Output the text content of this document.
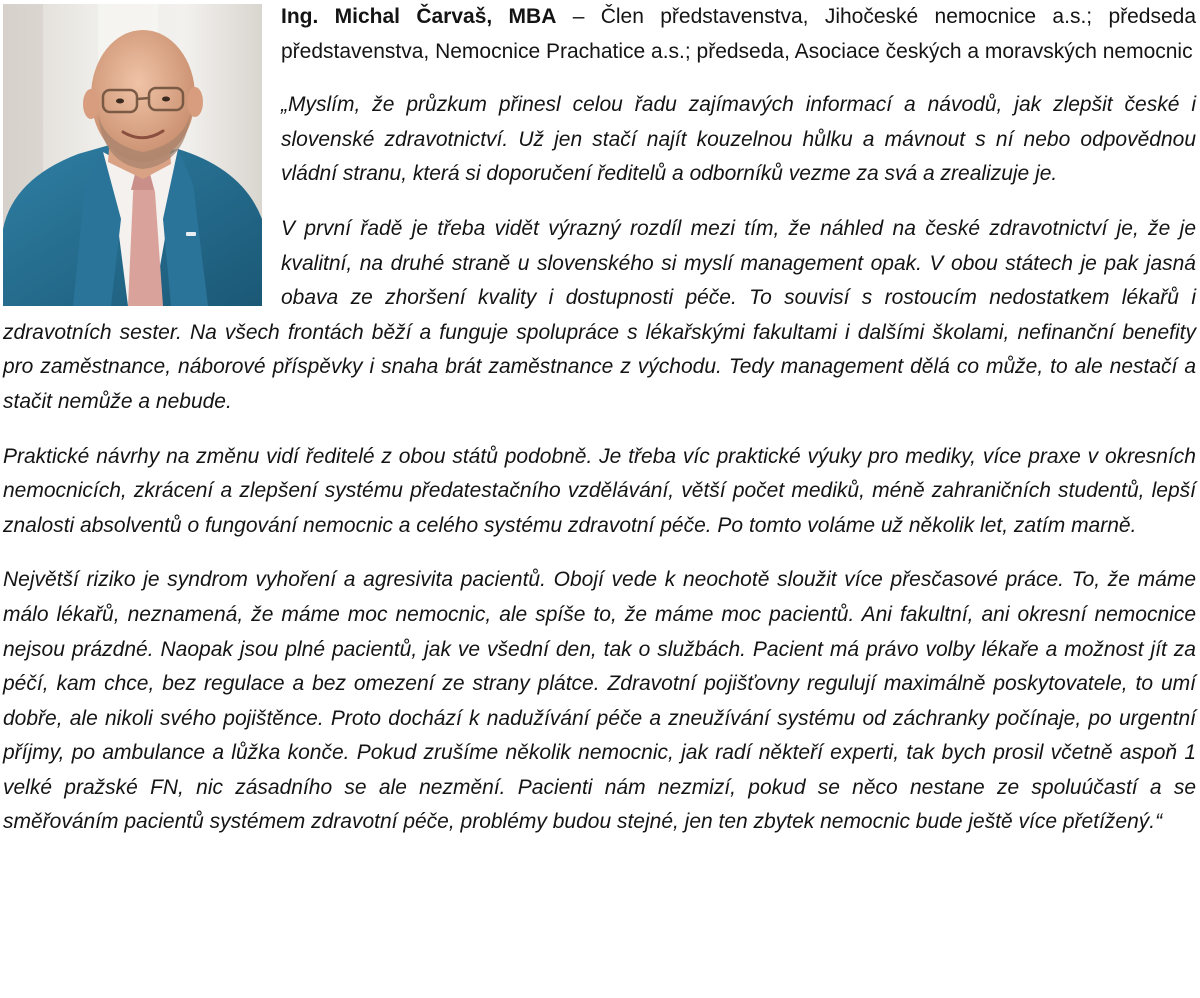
Ing. Michal Čarvaš, MBA – Člen představenstva, Jihočeské nemocnice a.s.; předseda představenstva, Nemocnice Prachatice a.s.; předseda, Asociace českých a moravských nemocnic

„Myslím, že průzkum přinesl celou řadu zajímavých informací a návodů, jak zlepšit české i slovenské zdravotnictví. Už jen stačí najít kouzelnou hůlku a mávnout s ní nebo odpovědnou vládní stranu, která si doporučení ředitelů a odborníků vezme za svá a zrealizuje je.

V první řadě je třeba vidět výrazný rozdíl mezi tím, že náhled na české zdravotnictví je, že je kvalitní, na druhé straně u slovenského si myslí management opak. V obou státech je pak jasná obava ze zhoršení kvality i dostupnosti péče. To souvisí s rostoucím nedostatkem lékařů i zdravotních sester. Na všech frontách běží a funguje spolupráce s lékařskými fakultami i dalšími školami, nefinanční benefity pro zaměstnance, náborové příspěvky i snaha brát zaměstnance z východu. Tedy management dělá co může, to ale nestačí a stačit nemůže a nebude.

Praktické návrhy na změnu vidí ředitelé z obou států podobně. Je třeba víc praktické výuky pro mediky, více praxe v okresních nemocnicích, zkrácení a zlepšení systému předatestačního vzdělávání, větší počet mediků, méně zahraničních studentů, lepší znalosti absolventů o fungování nemocnic a celého systému zdravotní péče. Po tomto voláme už několik let, zatím marně.

Největší riziko je syndrom vyhoření a agresivita pacientů. Obojí vede k neochotě sloužit více přesčasové práce. To, že máme málo lékařů, neznamená, že máme moc nemocnic, ale spíše to, že máme moc pacientů. Ani fakultní, ani okresní nemocnice nejsou prázdné. Naopak jsou plné pacientů, jak ve všední den, tak o službách. Pacient má právo volby lékaře a možnost jít za péčí, kam chce, bez regulace a bez omezení ze strany plátce. Zdravotní pojišťovny regulují maximálně poskytovatele, to umí dobře, ale nikoli svého pojištěnce. Proto dochází k nadužívání péče a zneužívání systému od záchranky počínaje, po urgentní příjmy, po ambulance a lůžka konče. Pokud zrušíme několik nemocnic, jak radí někteří experti, tak bych prosil včetně aspoň 1 velké pražské FN, nic zásadního se ale nezmění. Pacienti nám nezmizí, pokud se něco nestane ze spoluúčastí a se směřováním pacientů systémem zdravotní péče, problémy budou stejné, jen ten zbytek nemocnic bude ještě více přetížený.“
